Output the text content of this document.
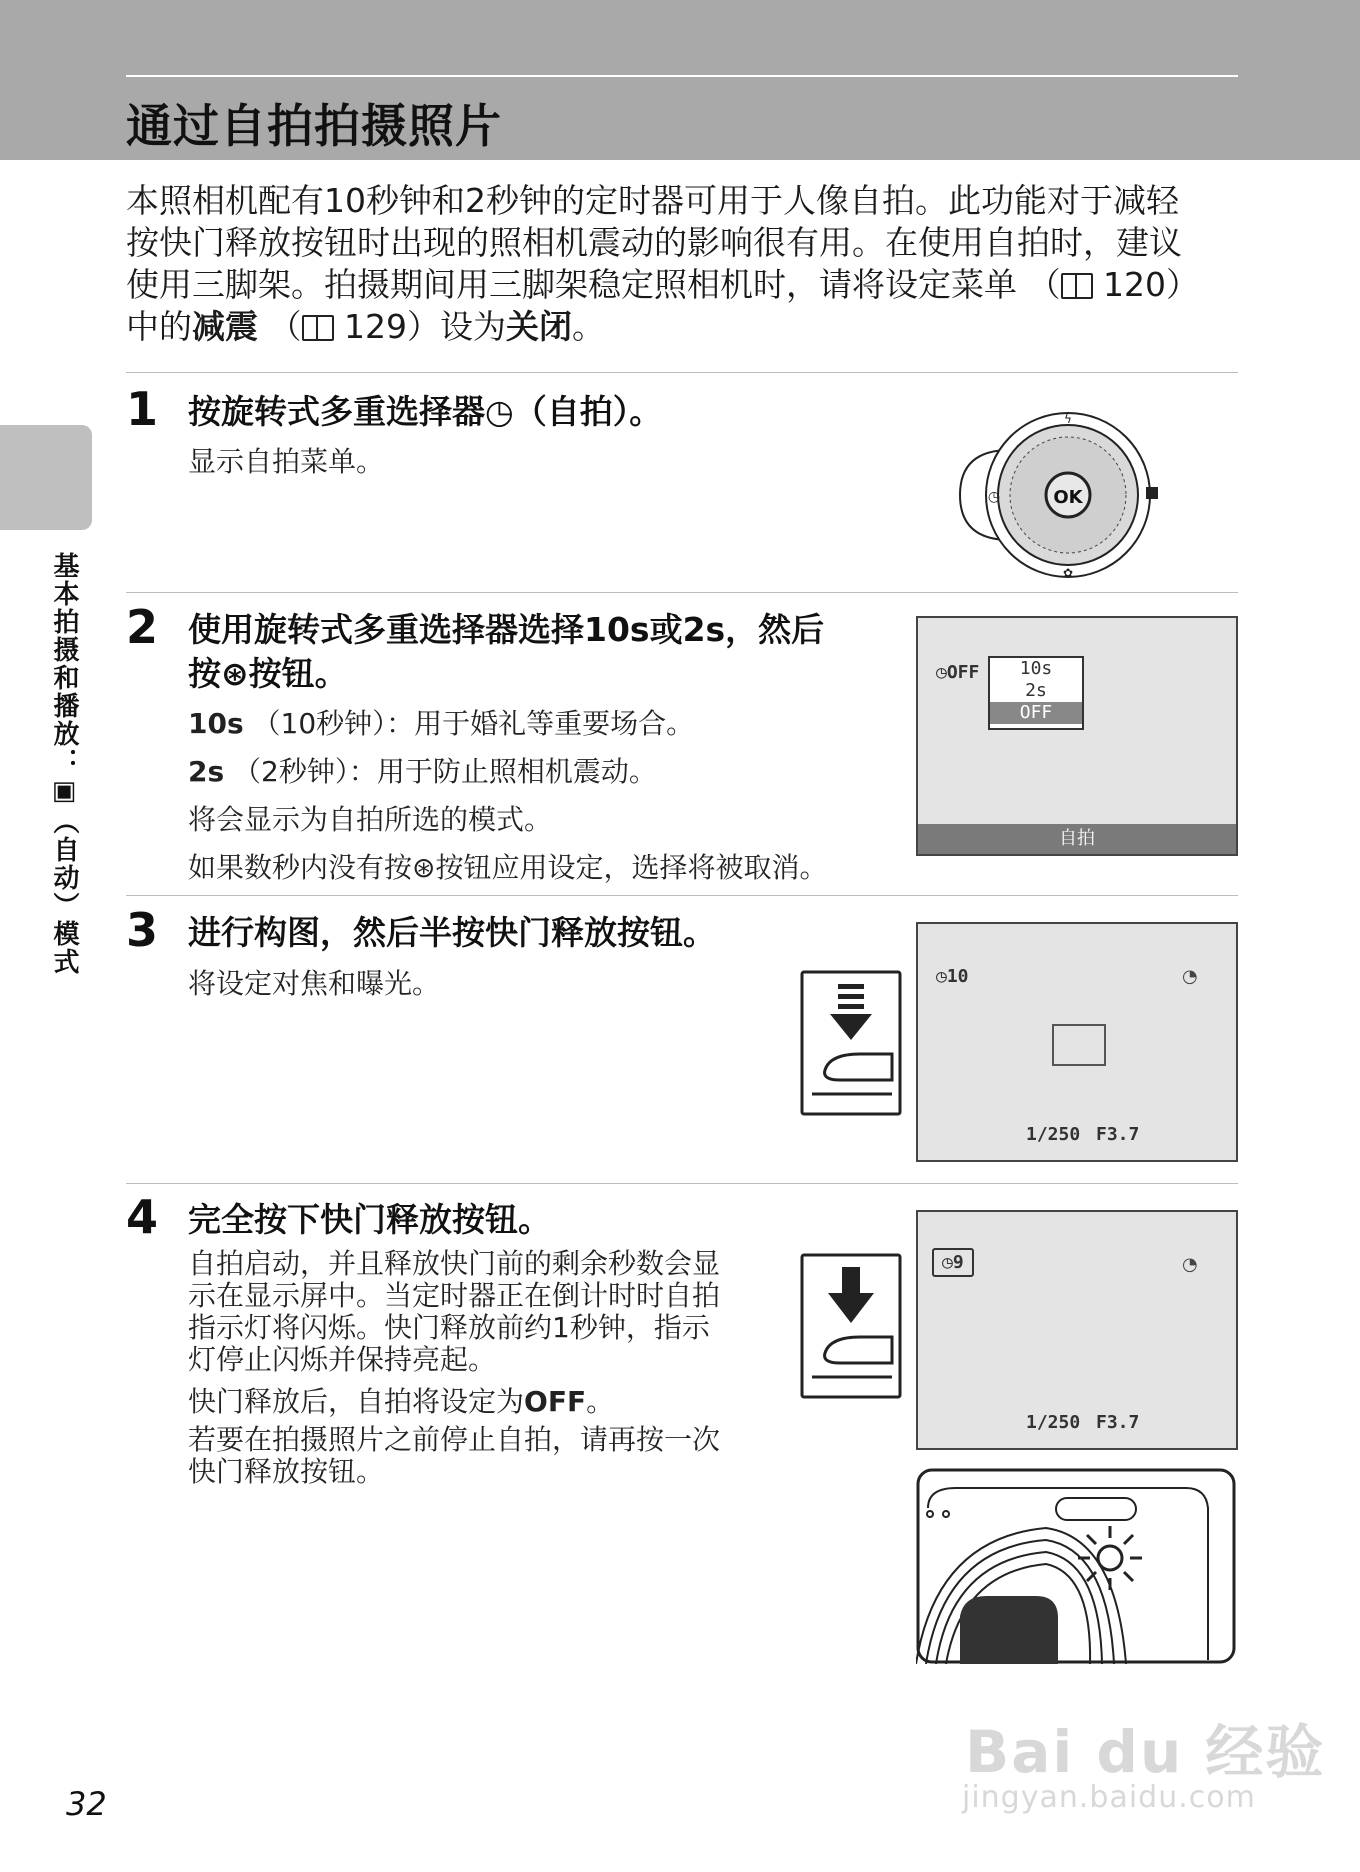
通过自拍拍摄照片
本照相机配有10秒钟和2秒钟的定时器可用于人像自拍。此功能对于减轻
按快门释放按钮时出现的照相机震动的影响很有用。在使用自拍时，建议
使用三脚架。拍摄期间用三脚架稳定照相机时，请将设定菜单 （
120）
中的减震 （
129）设为关闭。
基本拍摄和播放：▣（自动）模式
1 按旋转式多重选择器◷（自拍）。
显示自拍菜单。
OK
◷
ϟ
✿
2 使用旋转式多重选择器选择10s或2s，然后
按⊛按钮。
10s （10秒钟）：用于婚礼等重要场合。
2s （2秒钟）：用于防止照相机震动。
将会显示为自拍所选的模式。
如果数秒内没有按⊛按钮应用设定，选择将被取消。
◷OFF	10s
2s
OFF
自拍
3 进行构图，然后半按快门释放按钮。
将设定对焦和曝光。	◷10	◔
1/250 F3.7
4 完全按下快门释放按钮。
自拍启动，并且释放快门前的剩余秒数会显
示在显示屏中。当定时器正在倒计时时自拍
指示灯将闪烁。快门释放前约1秒钟，指示
灯停止闪烁并保持亮起。
快门释放后，自拍将设定为OFF。
若要在拍摄照片之前停止自拍，请再按一次
快门释放按钮。
◷9	◔
1/250 F3.7
32
Bai du 经验
jingyan.baidu.com
